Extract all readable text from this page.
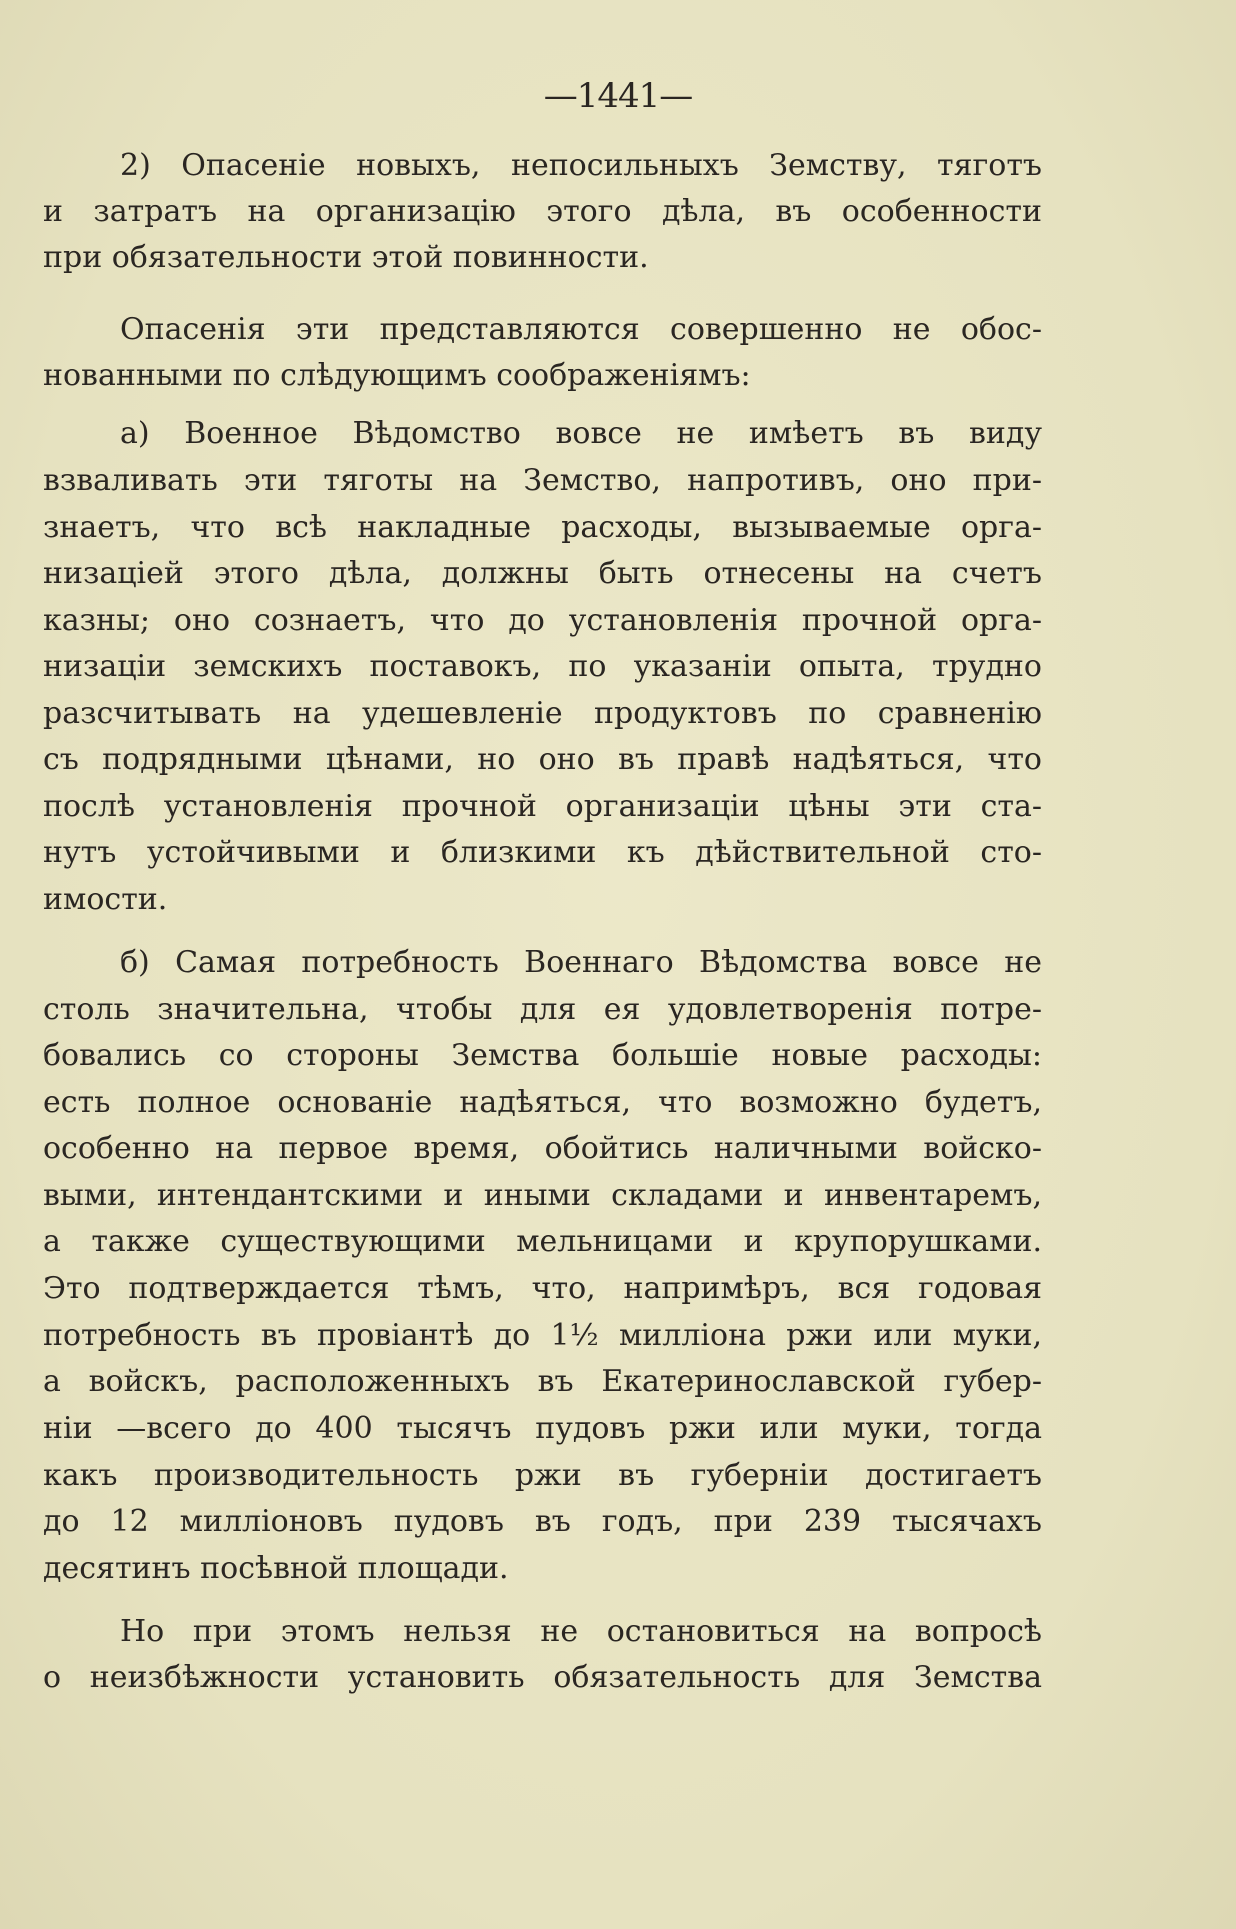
—1441—
2) Опасеніе новыхъ, непосильныхъ Земству, тяготъ
и затратъ на организацію этого дѣла, въ особенности
при обязательности этой повинности.
Опасенія эти представляются совершенно не обос-
нованными по слѣдующимъ соображеніямъ:
а) Военное Вѣдомство вовсе не имѣетъ въ виду
взваливать эти тяготы на Земство, напротивъ, оно при-
знаетъ, что всѣ накладные расходы, вызываемые орга-
низаціей этого дѣла, должны быть отнесены на счетъ
казны; оно сознаетъ, что до установленія прочной орга-
низаціи земскихъ поставокъ, по указаніи опыта, трудно
разсчитывать на удешевленіе продуктовъ по сравненію
съ подрядными цѣнами, но оно въ правѣ надѣяться, что
послѣ установленія прочной организаціи цѣны эти ста-
нутъ устойчивыми и близкими къ дѣйствительной сто-
имости.
б) Самая потребность Военнаго Вѣдомства вовсе не
столь значительна, чтобы для ея удовлетворенія потре-
бовались со стороны Земства большіе новые расходы:
есть полное основаніе надѣяться, что возможно будетъ,
особенно на первое время, обойтись наличными войско-
выми, интендантскими и иными складами и инвентаремъ,
а также существующими мельницами и крупорушками.
Это подтверждается тѣмъ, что, напримѣръ, вся годовая
потребность въ провіантѣ до 1½ милліона ржи или муки,
а войскъ, расположенныхъ въ Екатеринославской губер-
ніи —всего до 400 тысячъ пудовъ ржи или муки, тогда
какъ производительность ржи въ губерніи достигаетъ
до 12 милліоновъ пудовъ въ годъ, при 239 тысячахъ
десятинъ посѣвной площади.
Но при этомъ нельзя не остановиться на вопросѣ
о неизбѣжности установить обязательность для Земства
